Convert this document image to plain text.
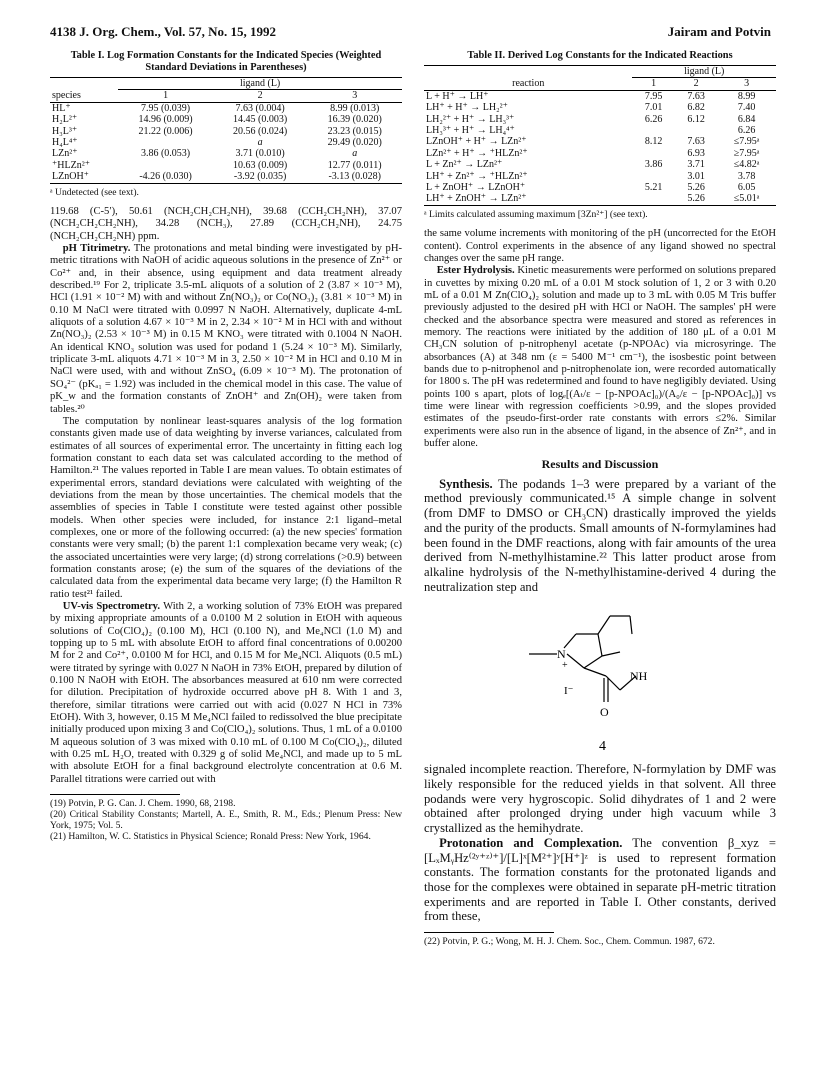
4138 J. Org. Chem., Vol. 57, No. 15, 1992	Jairam and Potvin
Table I. Log Formation Constants for the Indicated Species (Weighted Standard Deviations in Parentheses)
	ligand (L)		
species	1	2	3
HL⁺	7.95 (0.039)	7.63 (0.004)	8.99 (0.013)
H₂L²⁺	14.96 (0.009)	14.45 (0.003)	16.39 (0.020)
H₃L³⁺	21.22 (0.006)	20.56 (0.024)	23.23 (0.015)
H₄L⁴⁺		a	29.49 (0.020)
LZn²⁺	3.86 (0.053)	3.71 (0.010)	a
⁺HLZn²⁺		10.63 (0.009)	12.77 (0.011)
LZnOH⁺	-4.26 (0.030)	-3.92 (0.035)	-3.13 (0.028)
ᵃ Undetected (see text).

119.68 (C-5′), 50.61 (NCH₂CH₂CH₂NH), 39.68 (CCH₂CH₂NH), 37.07 (NCH₂CH₂CH₂NH), 34.28 (NCH₃), 27.89 (CCH₂CH₂NH), 24.75 (NCH₂CH₂CH₂NH) ppm.

pH Titrimetry. The protonations and metal binding were investigated by pH-metric titrations with NaOH of acidic aqueous solutions in the presence of Zn²⁺ or Co²⁺ and, in their absence, using equipment and data treatment already described.¹⁹ For 2, triplicate 3.5-mL aliquots of a solution of 2 (3.87 × 10⁻³ M), HCl (1.91 × 10⁻² M) with and without Zn(NO₃)₂ or Co(NO₃)₂ (3.81 × 10⁻³ M) in 0.10 M NaCl were titrated with 0.0997 N NaOH. Alternatively, duplicate 4-mL aliquots of a solution 4.67 × 10⁻³ M in 2, 2.34 × 10⁻² M in HCl with and without Zn(NO₃)₂ (2.53 × 10⁻³ M) in 0.15 M KNO₃ were titrated with 0.1004 N NaOH. An identical KNO₃ solution was used for podand 1 (5.24 × 10⁻³ M). Similarly, triplicate 3-mL aliquots 4.71 × 10⁻³ M in 3, 2.50 × 10⁻² M in HCl and 0.10 M in NaCl were used, with and without ZnSO₄ (6.09 × 10⁻³ M). The protonation of SO₄²⁻ (pKₐ₁ = 1.92) was included in the chemical model in this case. The value of pK_w and the formation constants of ZnOH⁺ and Zn(OH)₂ were taken from tables.²⁰

The computation by nonlinear least-squares analysis of the log formation constants given made use of data weighting by inverse variances, calculated from estimates of all sources of experimental error. The uncertainty in fitting each log formation constant to each data set was calculated according to the method of Hamilton.²¹ The values reported in Table I are mean values. To obtain estimates of experimental errors, standard deviations were calculated with weighting of the deviations from the mean by those uncertainties. The chemical models that the assemblies of species in Table I constitute were tested against other possible models. When other species were included, for instance 2:1 ligand–metal complexes, one or more of the following occurred: (a) the new species' formation constants were very small; (b) the parent 1:1 complexation became very weak; (c) the associated uncertainties were very large; (d) strong correlations (>0.9) between formation constants arose; (e) the sum of the squares of the deviations of the calculated data from the experimental data became very large; (f) the Hamilton R ratio test²¹ failed.

UV-vis Spectrometry. With 2, a working solution of 73% EtOH was prepared by mixing appropriate amounts of a 0.0100 M 2 solution in EtOH with aqueous solutions of Co(ClO₄)₂ (0.100 M), HCl (0.100 N), and Me₄NCl (1.0 M) and topping up to 5 mL with absolute EtOH to afford final concentrations of 0.00200 M for 2 and Co²⁺, 0.0100 M for HCl, and 0.15 M for Me₄NCl. Aliquots (0.5 mL) were titrated by syringe with 0.027 N NaOH in 73% EtOH, prepared by dilution of 0.100 N NaOH with EtOH. The absorbances measured at 610 nm were corrected for dilution. Precipitation of hydroxide occurred above pH 8. With 1 and 3, therefore, similar titrations were carried out with acid (0.027 N HCl in 73% EtOH). With 3, however, 0.15 M Me₄NCl failed to redissolved the blue precipitate initially produced upon mixing 3 and Co(ClO₄)₂ solutions. Thus, 1 mL of a 0.0100 M aqueous solution of 3 was mixed with 0.10 mL of 0.100 M Co(ClO₄)₂, diluted with 0.25 mL H₂O, treated with 0.329 g of solid Me₄NCl, and made up to 5 mL with absolute EtOH for a final background electrolyte concentration at 0.6 M. Parallel titrations were carried out with

(19) Potvin, P. G. Can. J. Chem. 1990, 68, 2198.
(20) Critical Stability Constants; Martell, A. E., Smith, R. M., Eds.; Plenum Press: New York, 1975; Vol. 5.
(21) Hamilton, W. C. Statistics in Physical Science; Ronald Press: New York, 1964.
Table II. Derived Log Constants for the Indicated Reactions
	ligand (L)		
reaction	1	2	3
L + H⁺ → LH⁺	7.95	7.63	8.99
LH⁺ + H⁺ → LH₂²⁺	7.01	6.82	7.40
LH₂²⁺ + H⁺ → LH₃³⁺	6.26	6.12	6.84
LH₃³⁺ + H⁺ → LH₄⁴⁺			6.26
LZnOH⁺ + H⁺ → LZn²⁺	8.12	7.63	≤7.95ᵃ
LZn²⁺ + H⁺ → ⁺HLZn²⁺		6.93	≥7.95ᵃ
L + Zn²⁺ → LZn²⁺	3.86	3.71	≤4.82ᵃ
LH⁺ + Zn²⁺ → ⁺HLZn²⁺		3.01	3.78
L + ZnOH⁺ → LZnOH⁺	5.21	5.26	6.05
LH⁺ + ZnOH⁺ → LZn²⁺		5.26	≤5.01ᵃ
ᵃ Limits calculated assuming maximum [3Zn²⁺] (see text).

the same volume increments with monitoring of the pH (uncorrected for the EtOH content). Control experiments in the absence of any ligand showed no spectral changes over the same pH range.

Ester Hydrolysis. Kinetic measurements were performed on solutions prepared in cuvettes by mixing 0.20 mL of a 0.01 M stock solution of 1, 2 or 3 with 0.20 mL of a 0.01 M Zn(ClO₄)₂ solution and made up to 3 mL with 0.05 M Tris buffer previously adjusted to the desired pH with HCl or NaOH. The samples' pH were checked and the absorbance spectra were measured and stored as references in memory. The reactions were initiated by the addition of 180 μL of a 0.01 M CH₃CN solution of p-nitrophenyl acetate (p-NPOAc) via microsyringe. The absorbances (A) at 348 nm (ε = 5400 M⁻¹ cm⁻¹), the isosbestic point between bands due to p-nitrophenol and p-nitrophenolate ion, were recorded automatically for 1800 s. The pH was redetermined and found to have negligibly deviated. Using points 100 s apart, plots of logₑ[(Aₜ/ε − [p-NPOAc]₀)/(A₀/ε − [p-NPOAc]₀)] vs time were linear with regression coefficients >0.99, and the slopes provided estimates of the pseudo-first-order rate constants with errors ≤2%. Similar experiments were also run in the absence of ligand, in the absence of Zn²⁺, and in buffer alone.

Results and Discussion

Synthesis. The podands 1–3 were prepared by a variant of the method previously communicated.¹⁵ A simple change in solvent (from DMF to DMSO or CH₃CN) drastically improved the yields and the purity of the products. Small amounts of N-formylamines had been found in the DMF reactions, along with fair amounts of the urea derived from N-methylhistamine.²² This latter product arose from alkaline hydrolysis of the N-methylhistamine-derived 4 during the neutralization step and

N
+
NH
O
I⁻
4

signaled incomplete reaction. Therefore, N-formylation by DMF was likely responsible for the reduced yields in that solvent. All three podands were very hygroscopic. Solid dihydrates of 1 and 2 were obtained after prolonged drying under high vacuum while 3 crystallized as the hemihydrate.

Protonation and Complexation. The convention β_xyz = [LₓMᵧHz⁽²ʸ⁺ᶻ⁾⁺]/[L]ˣ[M²⁺]ʸ[H⁺]ᶻ is used to represent formation constants. The formation constants for the protonated ligands and those for the complexes were obtained in separate pH-metric titration experiments and are reported in Table I. Other constants, derived from these,

(22) Potvin, P. G.; Wong, M. H. J. Chem. Soc., Chem. Commun. 1987, 672.
